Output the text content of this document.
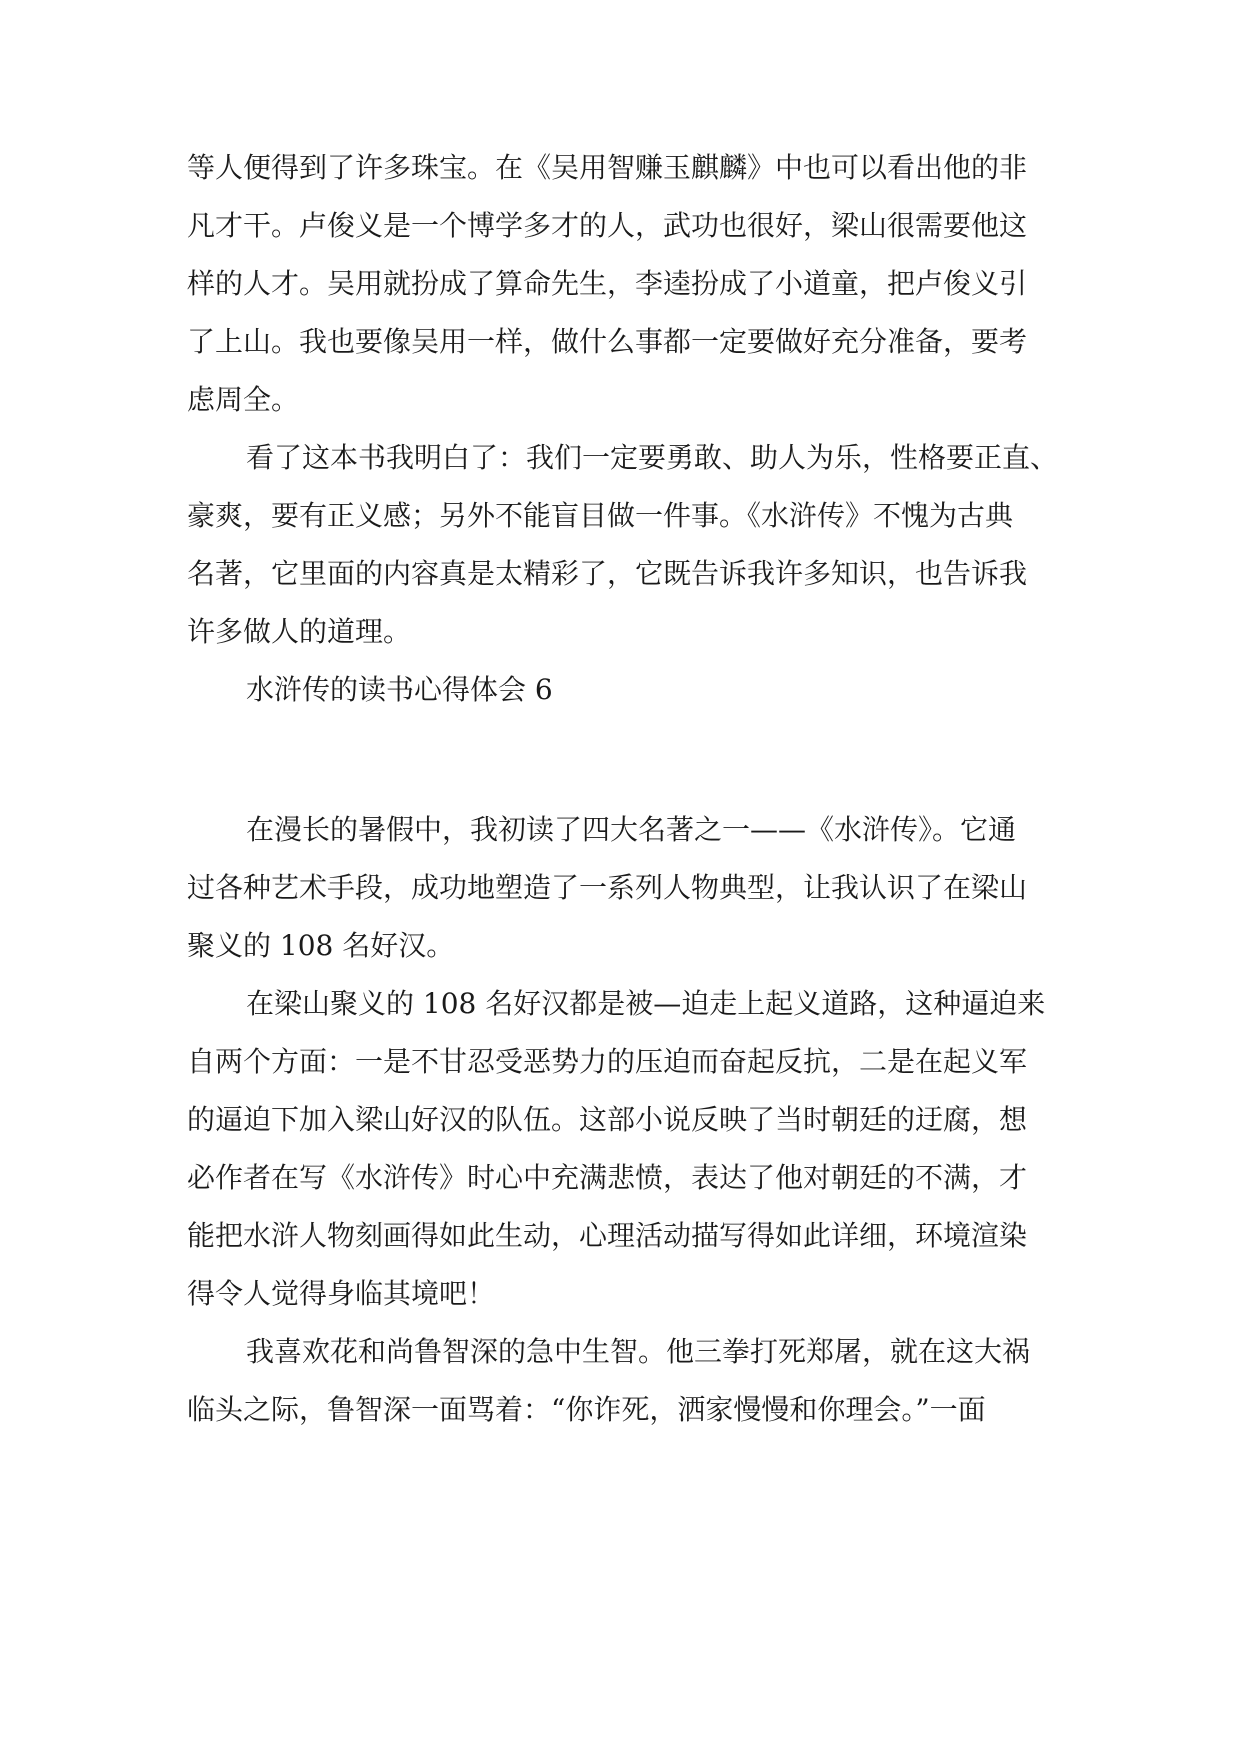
等人便得到了许多珠宝。在《吴用智赚玉麒麟》中也可以看出他的非
凡才干。卢俊义是一个博学多才的人，武功也很好，梁山很需要他这
样的人才。吴用就扮成了算命先生，李逵扮成了小道童，把卢俊义引
了上山。我也要像吴用一样，做什么事都一定要做好充分准备，要考
虑周全。
看了这本书我明白了：我们一定要勇敢、助人为乐，性格要正直、
豪爽，要有正义感；另外不能盲目做一件事。《水浒传》不愧为古典
名著，它里面的内容真是太精彩了，它既告诉我许多知识，也告诉我
许多做人的道理。
水浒传的读书心得体会 6
在漫长的暑假中，我初读了四大名著之一——《水浒传》。它通
过各种艺术手段，成功地塑造了一系列人物典型，让我认识了在梁山
聚义的 108 名好汉。
在梁山聚义的 108 名好汉都是被—迫走上起义道路，这种逼迫来
自两个方面：一是不甘忍受恶势力的压迫而奋起反抗，二是在起义军
的逼迫下加入梁山好汉的队伍。这部小说反映了当时朝廷的迂腐，想
必作者在写《水浒传》时心中充满悲愤，表达了他对朝廷的不满，才
能把水浒人物刻画得如此生动，心理活动描写得如此详细，环境渲染
得令人觉得身临其境吧！
我喜欢花和尚鲁智深的急中生智。他三拳打死郑屠，就在这大祸
临头之际，鲁智深一面骂着：“你诈死，洒家慢慢和你理会。”一面
